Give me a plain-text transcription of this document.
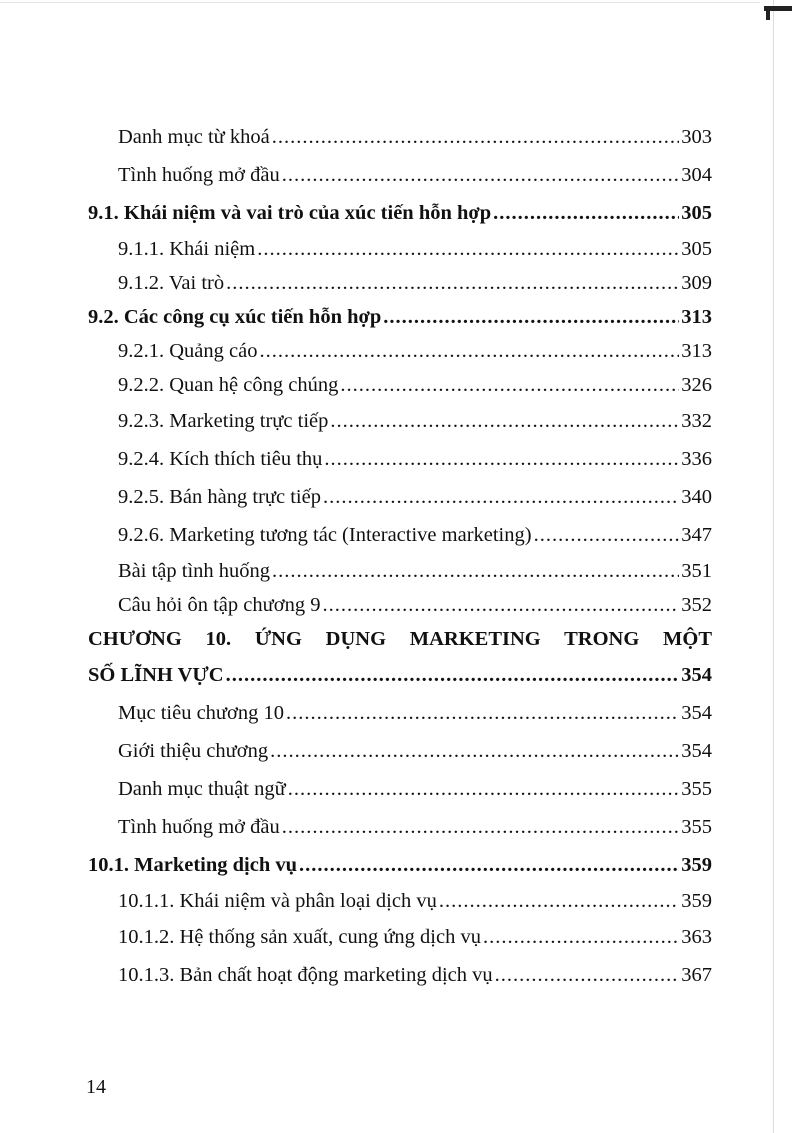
Danh mục từ khoá .....	303
Tình huống mở đầu .....	304
9.1. Khái niệm và vai trò của xúc tiến hỗn hợp .....	305
9.1.1. Khái niệm .....	305
9.1.2. Vai trò .....	309
9.2. Các công cụ xúc tiến hỗn hợp .....	313
9.2.1. Quảng cáo .....	313
9.2.2. Quan hệ công chúng .....	326
9.2.3. Marketing trực tiếp .....	332
9.2.4. Kích thích tiêu thụ .....	336
9.2.5. Bán hàng trực tiếp .....	340
9.2.6. Marketing tương tác (Interactive marketing) .....	347
Bài tập tình huống .....	351
Câu hỏi ôn tập chương 9 .....	352
CHƯƠNG 10. ỨNG DỤNG MARKETING TRONG MỘT
SỐ LĨNH VỰC .....	354
Mục tiêu chương 10 .....	354
Giới thiệu chương .....	354
Danh mục thuật ngữ .....	355
Tình huống mở đầu .....	355
10.1. Marketing dịch vụ .....	359
10.1.1. Khái niệm và phân loại dịch vụ .....	359
10.1.2. Hệ thống sản xuất, cung ứng dịch vụ .....	363
10.1.3. Bản chất hoạt động marketing dịch vụ .....	367
14
